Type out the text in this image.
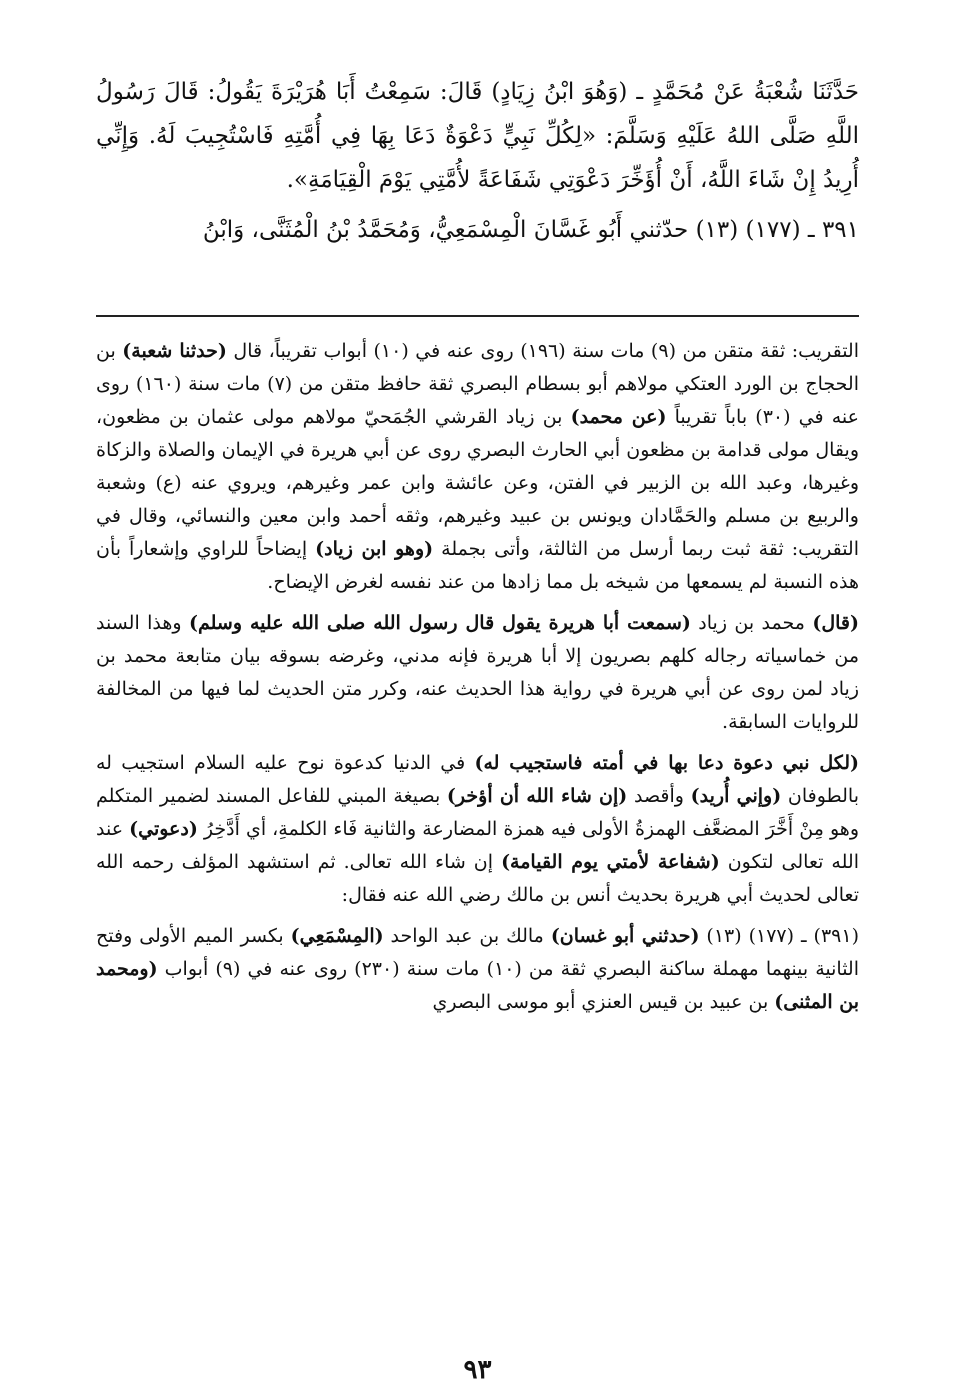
حَدَّثَنَا شُعْبَةُ عَنْ مُحَمَّدٍ ـ (وَهُوَ ابْنُ زِيَادٍ) قَالَ: سَمِعْتُ أَبَا هُرَيْرَةَ يَقُولُ: قَالَ رَسُولُ اللَّهِ صَلَّى اللهُ عَلَيْهِ وَسَلَّمَ: «لِكُلِّ نَبِيٍّ دَعْوَةٌ دَعَا بِهَا فِي أُمَّتِهِ فَاسْتُجِيبَ لَهُ. وَإِنِّي أُرِيدُ إِنْ شَاءَ اللَّهُ، أَنْ أُؤَخِّرَ دَعْوَتِي شَفَاعَةً لأُمَّتِي يَوْمَ الْقِيَامَةِ».

٣٩١ ـ (١٧٧) (١٣) حدّثني أَبُو غَسَّانَ الْمِسْمَعِيُّ، وَمُحَمَّدُ بْنُ الْمُثَنَّى، وَابْنُ

التقريب: ثقة متقن من (٩) مات سنة (١٩٦) روى عنه في (١٠) أبواب تقريباً، قال (حدثنا شعبة) بن الحجاج بن الورد العتكي مولاهم أبو بسطام البصري ثقة حافظ متقن من (٧) مات سنة (١٦٠) روى عنه في (٣٠) باباً تقريباً (عن محمد) بن زياد القرشي الجُمَحيّ مولاهم مولى عثمان بن مظعون، ويقال مولى قدامة بن مظعون أبي الحارث البصري روى عن أبي هريرة في الإيمان والصلاة والزكاة وغيرها، وعبد الله بن الزبير في الفتن، وعن عائشة وابن عمر وغيرهم، ويروي عنه (ع) وشعبة والربيع بن مسلم والحَمَّادان ويونس بن عبيد وغيرهم، وثقه أحمد وابن معين والنسائي، وقال في التقريب: ثقة ثبت ربما أرسل من الثالثة، وأتى بجملة (وهو ابن زياد) إيضاحاً للراوي وإشعاراً بأن هذه النسبة لم يسمعها من شيخه بل مما زادها من عند نفسه لغرض الإيضاح.

(قال) محمد بن زياد (سمعت أبا هريرة يقول قال رسول الله صلى الله عليه وسلم) وهذا السند من خماسياته رجاله كلهم بصريون إلا أبا هريرة فإنه مدني، وغرضه بسوقه بيان متابعة محمد بن زياد لمن روى عن أبي هريرة في رواية هذا الحديث عنه، وكرر متن الحديث لما فيها من المخالفة للروايات السابقة.

(لكل نبي دعوة دعا بها في أمته فاستجيب له) في الدنيا كدعوة نوح عليه السلام استجيب له بالطوفان (وإني أُريد) وأقصد (إن شاء الله أن أؤخر) بصيغة المبني للفاعل المسند لضمير المتكلم وهو مِنْ أَخَّرَ المضعَّف الهمزةُ الأولى فيه همزة المضارعة والثانية فَاء الكلمةِ، أي أَدَّخِرُ (دعوتي) عند الله تعالى لتكون (شفاعة لأمتي يوم القيامة) إن شاء الله تعالى. ثم استشهد المؤلف رحمه الله تعالى لحديث أبي هريرة بحديث أنس بن مالك رضي الله عنه فقال:

(٣٩١) ـ (١٧٧) (١٣) (حدثني أبو غسان) مالك بن عبد الواحد (المِسْمَعِي) بكسر الميم الأولى وفتح الثانية بينهما مهملة ساكنة البصري ثقة من (١٠) مات سنة (٢٣٠) روى عنه في (٩) أبواب (ومحمد بن المثنى) بن عبيد بن قيس العنزي أبو موسى البصري

٩٣
